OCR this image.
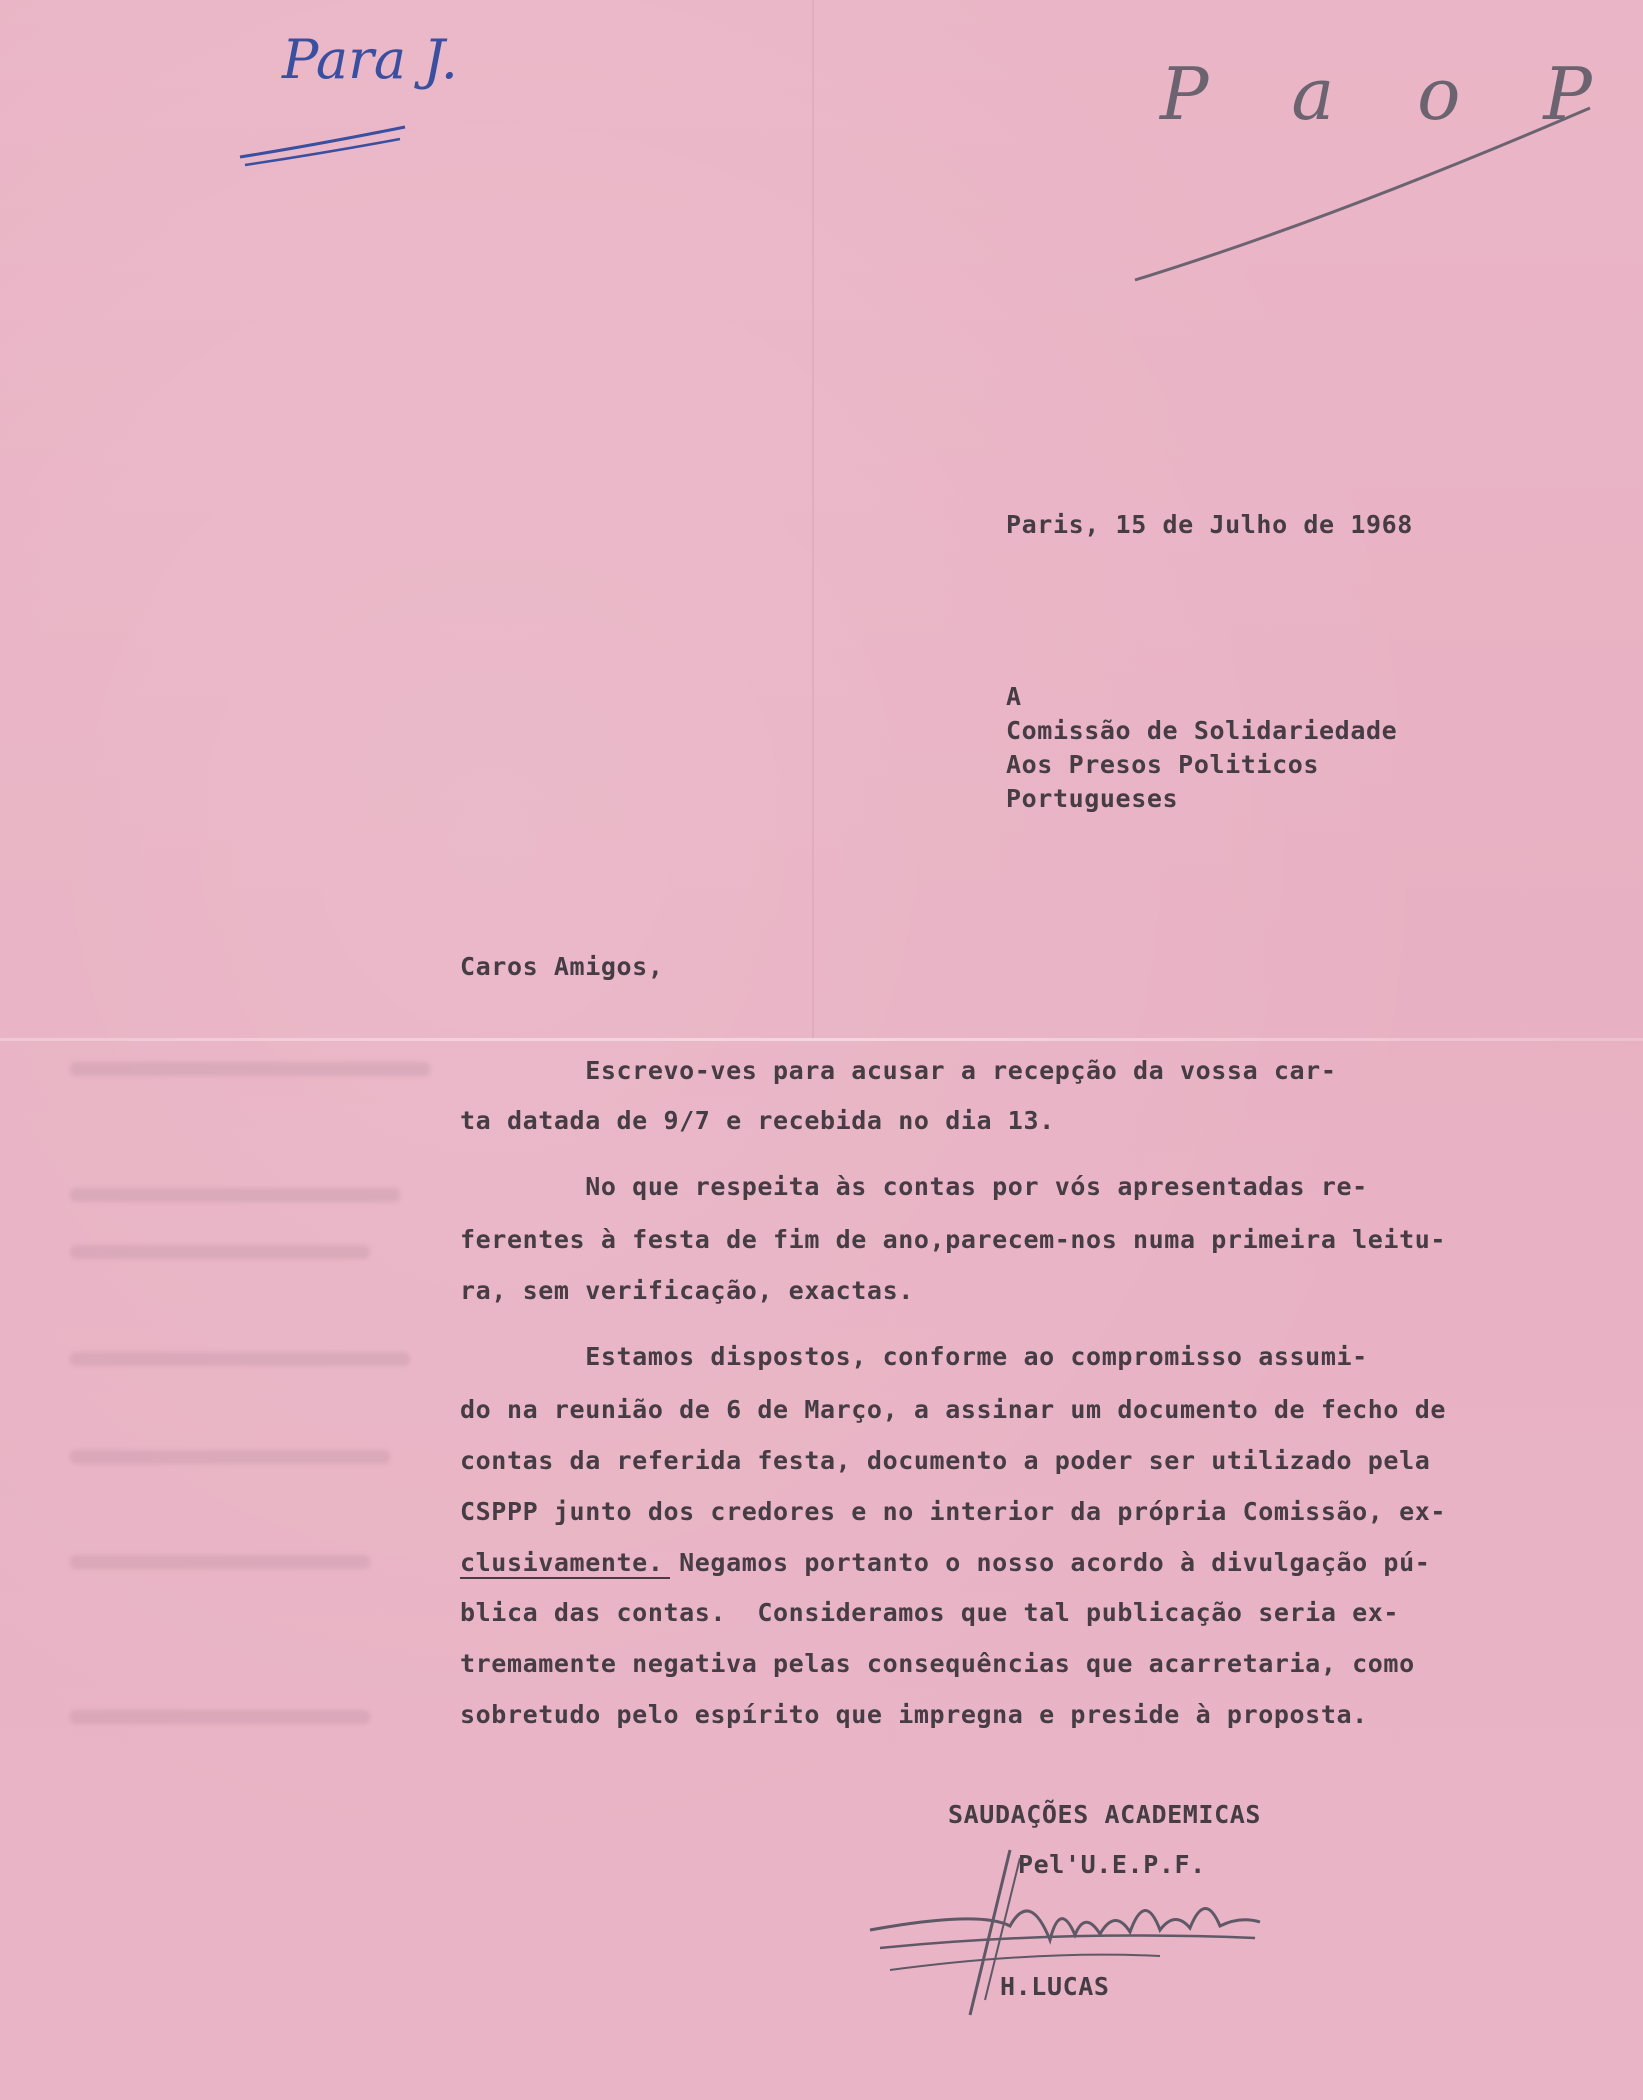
Para J.	P a o P
Paris, 15 de Julho de 1968
A
Comissão de Solidariedade
Aos Presos Politicos
Portugueses
Caros Amigos,
Escrevo-ves para acusar a recepção da vossa car-
ta datada de 9/7 e recebida no dia 13.
No que respeita às contas por vós apresentadas re-
ferentes à festa de fim de ano,parecem-nos numa primeira leitu-
ra, sem verificação, exactas.
Estamos dispostos, conforme ao compromisso assumi-
do na reunião de 6 de Março, a assinar um documento de fecho de
contas da referida festa, documento a poder ser utilizado pela
CSPPP junto dos credores e no interior da própria Comissão, ex-
clusivamente. Negamos portanto o nosso acordo à divulgação pú-
blica das contas.  Consideramos que tal publicação seria ex-
tremamente negativa pelas consequências que acarretaria, como
sobretudo pelo espírito que impregna e preside à proposta.
SAUDAÇÕES ACADEMICAS
Pel'U.E.P.F.
H.LUCAS
